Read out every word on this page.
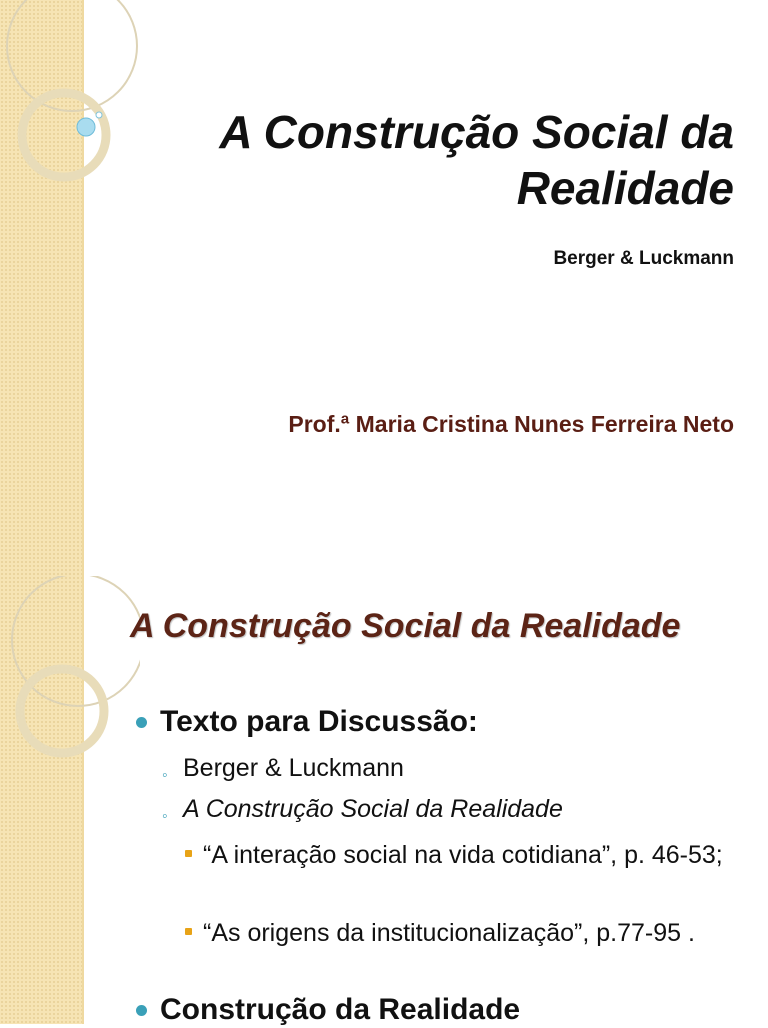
A Construção Social da Realidade
Berger & Luckmann
Prof.ª Maria Cristina Nunes Ferreira Neto
A Construção Social da Realidade
Texto para Discussão:
◦ Berger & Luckmann
◦ A Construção Social da Realidade
“A interação social na vida cotidiana”, p. 46-53;
“As origens da institucionalização”, p.77-95 .
Construção da Realidade
